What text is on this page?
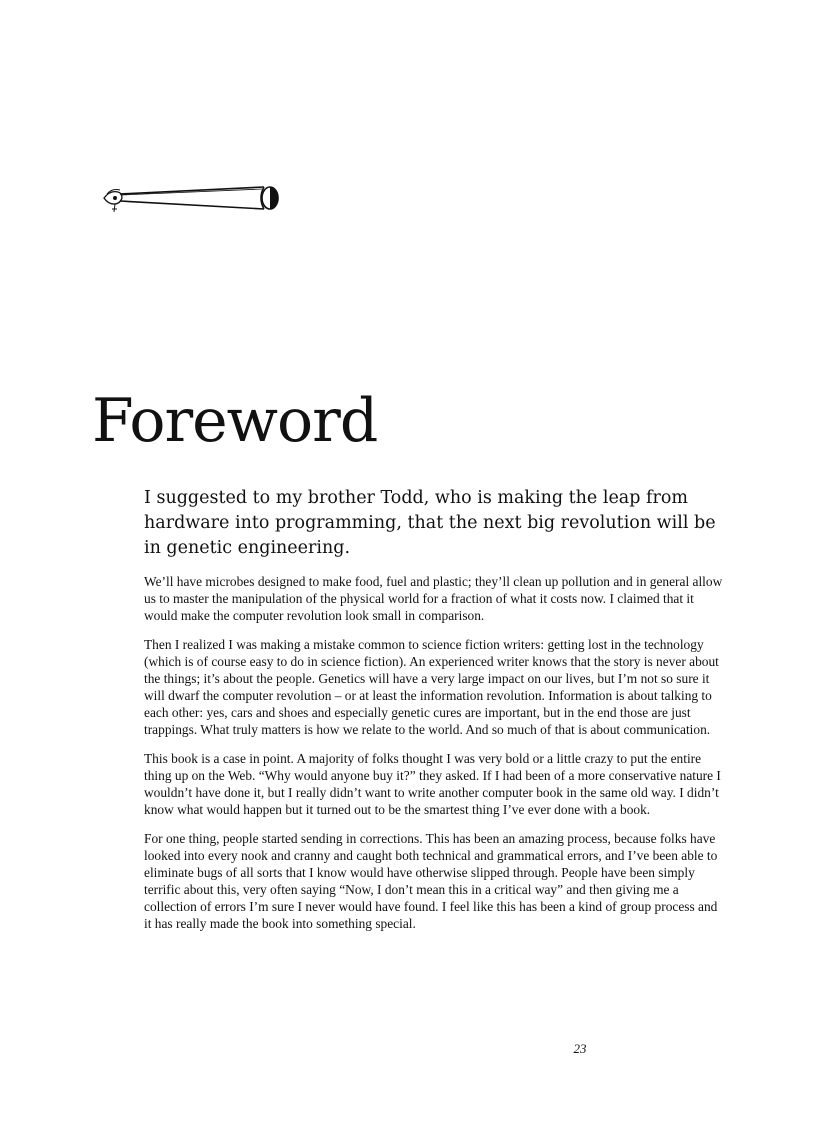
Foreword

I suggested to my brother Todd, who is making the leap from hardware into programming, that the next big revolution will be in genetic engineering.

We’ll have microbes designed to make food, fuel and plastic; they’ll clean up pollution and in general allow us to master the manipulation of the physical world for a fraction of what it costs now. I claimed that it would make the computer revolution look small in comparison.

Then I realized I was making a mistake common to science fiction writers: getting lost in the technology (which is of course easy to do in science fiction). An experienced writer knows that the story is never about the things; it’s about the people. Genetics will have a very large impact on our lives, but I’m not so sure it will dwarf the computer revolution – or at least the information revolution. Information is about talking to each other: yes, cars and shoes and especially genetic cures are important, but in the end those are just trappings. What truly matters is how we relate to the world. And so much of that is about communication.

This book is a case in point. A majority of folks thought I was very bold or a little crazy to put the entire thing up on the Web. “Why would anyone buy it?” they asked. If I had been of a more conservative nature I wouldn’t have done it, but I really didn’t want to write another computer book in the same old way. I didn’t know what would happen but it turned out to be the smartest thing I’ve ever done with a book.

For one thing, people started sending in corrections. This has been an amazing process, because folks have looked into every nook and cranny and caught both technical and grammatical errors, and I’ve been able to eliminate bugs of all sorts that I know would have otherwise slipped through. People have been simply terrific about this, very often saying “Now, I don’t mean this in a critical way” and then giving me a collection of errors I’m sure I never would have found. I feel like this has been a kind of group process and it has really made the book into something special.

23
